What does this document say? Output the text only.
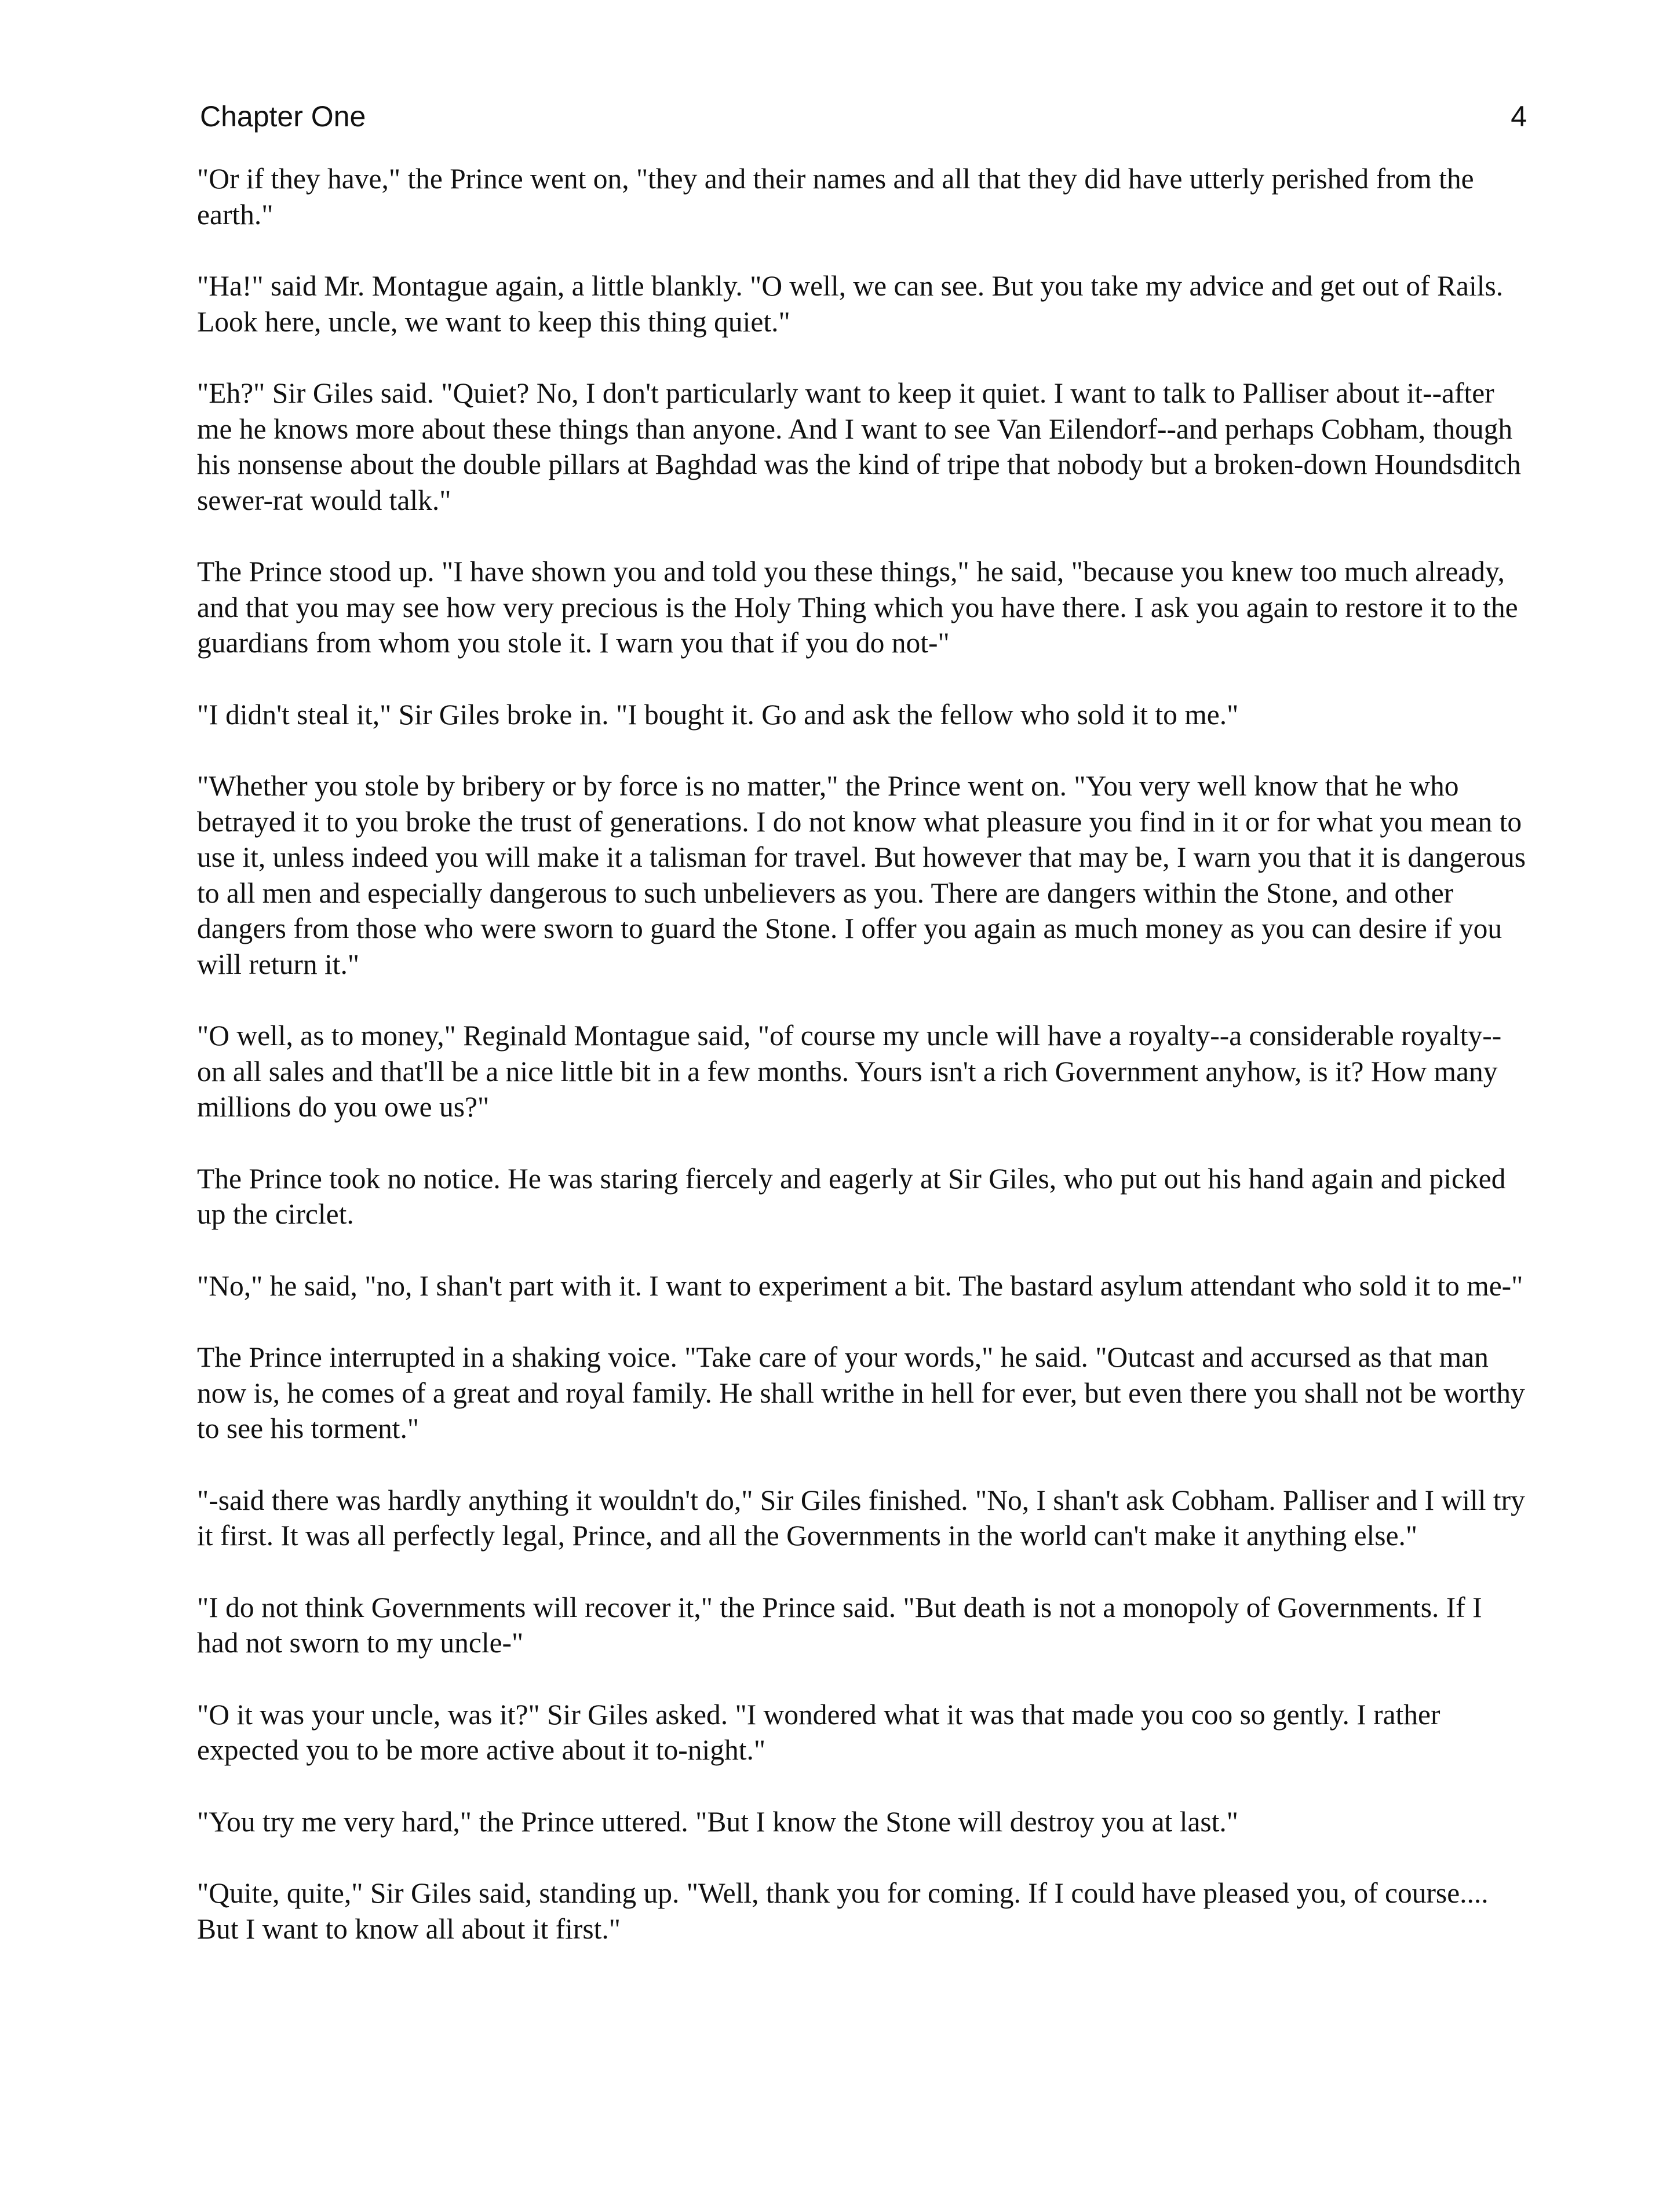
Chapter One	4

"Or if they have," the Prince went on, "they and their names and all that they did have utterly perished from the earth."

"Ha!" said Mr. Montague again, a little blankly. "O well, we can see. But you take my advice and get out of Rails. Look here, uncle, we want to keep this thing quiet."

"Eh?" Sir Giles said. "Quiet? No, I don't particularly want to keep it quiet. I want to talk to Palliser about it--after me he knows more about these things than anyone. And I want to see Van Eilendorf--and perhaps Cobham, though his nonsense about the double pillars at Baghdad was the kind of tripe that nobody but a broken-down Houndsditch sewer-rat would talk."

The Prince stood up. "I have shown you and told you these things," he said, "because you knew too much already, and that you may see how very precious is the Holy Thing which you have there. I ask you again to restore it to the guardians from whom you stole it. I warn you that if you do not-"

"I didn't steal it," Sir Giles broke in. "I bought it. Go and ask the fellow who sold it to me."

"Whether you stole by bribery or by force is no matter," the Prince went on. "You very well know that he who betrayed it to you broke the trust of generations. I do not know what pleasure you find in it or for what you mean to use it, unless indeed you will make it a talisman for travel. But however that may be, I warn you that it is dangerous to all men and especially dangerous to such unbelievers as you. There are dangers within the Stone, and other dangers from those who were sworn to guard the Stone. I offer you again as much money as you can desire if you will return it."

"O well, as to money," Reginald Montague said, "of course my uncle will have a royalty--a considerable royalty--on all sales and that'll be a nice little bit in a few months. Yours isn't a rich Government anyhow, is it? How many millions do you owe us?"

The Prince took no notice. He was staring fiercely and eagerly at Sir Giles, who put out his hand again and picked up the circlet.

"No," he said, "no, I shan't part with it. I want to experiment a bit. The bastard asylum attendant who sold it to me-"

The Prince interrupted in a shaking voice. "Take care of your words," he said. "Outcast and accursed as that man now is, he comes of a great and royal family. He shall writhe in hell for ever, but even there you shall not be worthy to see his torment."

"-said there was hardly anything it wouldn't do," Sir Giles finished. "No, I shan't ask Cobham. Palliser and I will try it first. It was all perfectly legal, Prince, and all the Governments in the world can't make it anything else."

"I do not think Governments will recover it," the Prince said. "But death is not a monopoly of Governments. If I had not sworn to my uncle-"

"O it was your uncle, was it?" Sir Giles asked. "I wondered what it was that made you coo so gently. I rather expected you to be more active about it to-night."

"You try me very hard," the Prince uttered. "But I know the Stone will destroy you at last."

"Quite, quite," Sir Giles said, standing up. "Well, thank you for coming. If I could have pleased you, of course.... But I want to know all about it first."
